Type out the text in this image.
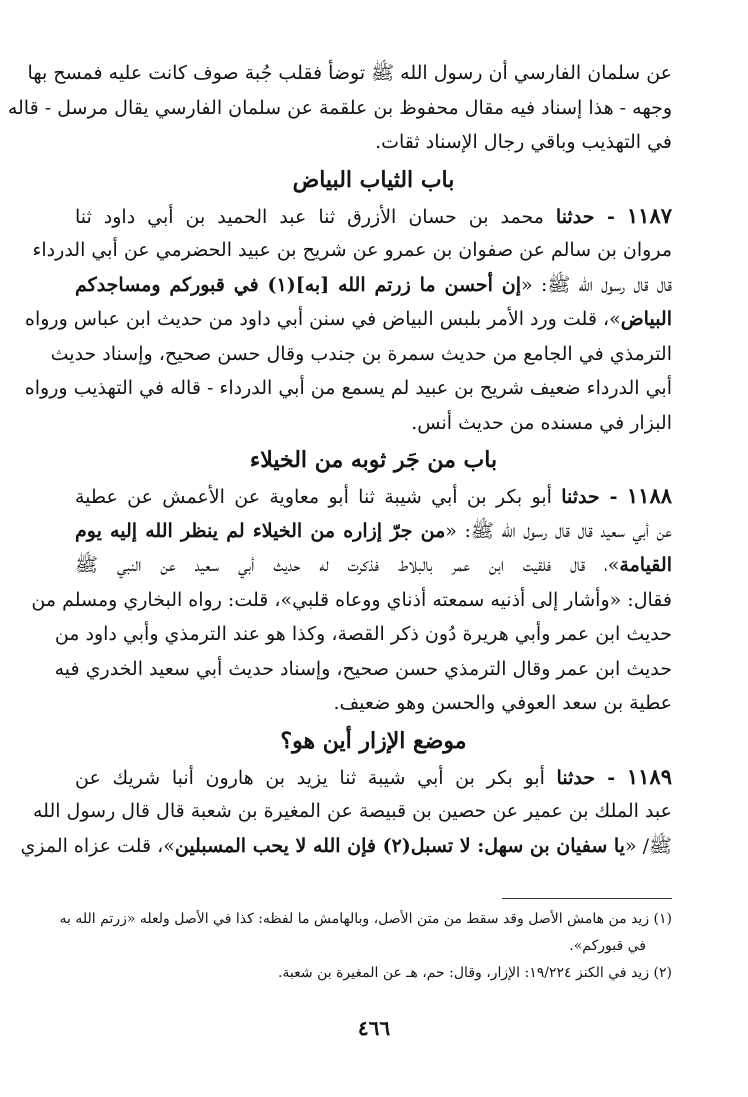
عن سلمان الفارسي أن رسول الله ﷺ توضأ فقلب جُبة صوف كانت عليه فمسح بها
وجهه - هذا إسناد فيه مقال محفوظ بن علقمة عن سلمان الفارسي يقال مرسل - قاله
في التهذيب وباقي رجال الإسناد ثقات.
باب الثياب البياض
١١٨٧ - حدثنا محمد بن حسان الأزرق ثنا عبد الحميد بن أبي داود ثنا
مروان بن سالم عن صفوان بن عمرو عن شريح بن عبيد الحضرمي عن أبي الدرداء
قال قال رسول الله ﷺ: «إن أحسن ما زرتم الله [به](١) في قبوركم ومساجدكم
البياض»، قلت ورد الأمر بلبس البياض في سنن أبي داود من حديث ابن عباس ورواه
الترمذي في الجامع من حديث سمرة بن جندب وقال حسن صحيح، وإسناد حديث
أبي الدرداء ضعيف شريح بن عبيد لم يسمع من أبي الدرداء - قاله في التهذيب ورواه
البزار في مسنده من حديث أنس.
باب من جَر ثوبه من الخيلاء
١١٨٨ - حدثنا أبو بكر بن أبي شيبة ثنا أبو معاوية عن الأعمش عن عطية
عن أبي سعيد قال قال رسول الله ﷺ: «من جرّ إزاره من الخيلاء لم ينظر الله إليه يوم
القيامة»، قال فلقيت ابن عمر بالبلاط فذكرت له حديث أبي سعيد عن النبي ﷺ
فقال: «وأشار إلى أذنيه سمعته أذناي ووعاه قلبي»، قلت: رواه البخاري ومسلم من
حديث ابن عمر وأبي هريرة دُون ذكر القصة، وكذا هو عند الترمذي وأبي داود من
حديث ابن عمر وقال الترمذي حسن صحيح، وإسناد حديث أبي سعيد الخدري فيه
عطية بن سعد العوفي والحسن وهو ضعيف.
موضع الإزار أين هو؟
١١٨٩ - حدثنا أبو بكر بن أبي شيبة ثنا يزيد بن هارون أنبا شريك عن
عبد الملك بن عمير عن حصين بن قبيصة عن المغيرة بن شعبة قال قال رسول الله
ﷺ/ «يا سفيان بن سهل: لا تسبل(٢) فإن الله لا يحب المسبلين»، قلت عزاه المزي
(١) زيد من هامش الأصل وقد سقط من متن الأصل، وبالهامش ما لفظه: كذا في الأصل ولعله «زرتم الله به
في قبوركم».
(٢) زيد في الكنز ١٩/٢٢٤: الإزار، وقال: حم، هـ عن المغيرة بن شعبة.
٤٦٦
